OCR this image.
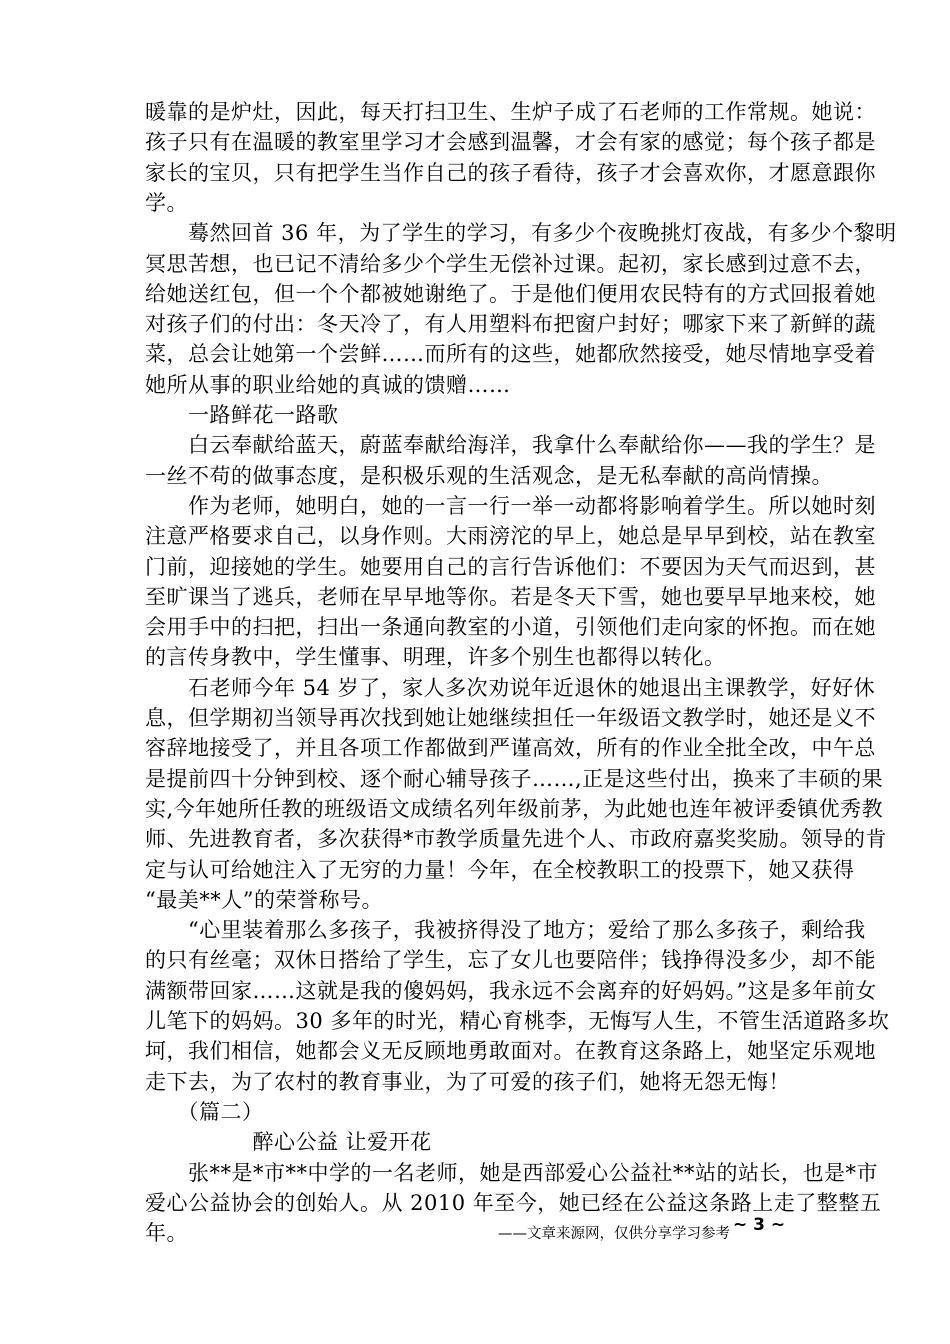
暖靠的是炉灶，因此，每天打扫卫生、生炉子成了石老师的工作常规。她说：
孩子只有在温暖的教室里学习才会感到温馨，才会有家的感觉；每个孩子都是
家长的宝贝，只有把学生当作自己的孩子看待，孩子才会喜欢你，才愿意跟你
学。
　　蓦然回首 36 年，为了学生的学习，有多少个夜晚挑灯夜战，有多少个黎明
冥思苦想，也已记不清给多少个学生无偿补过课。起初，家长感到过意不去，
给她送红包，但一个个都被她谢绝了。于是他们便用农民特有的方式回报着她
对孩子们的付出：冬天冷了，有人用塑料布把窗户封好；哪家下来了新鲜的蔬
菜，总会让她第一个尝鲜……而所有的这些，她都欣然接受，她尽情地享受着
她所从事的职业给她的真诚的馈赠……
　　一路鲜花一路歌
　　白云奉献给蓝天，蔚蓝奉献给海洋，我拿什么奉献给你——我的学生？是
一丝不苟的做事态度，是积极乐观的生活观念，是无私奉献的高尚情操。
　　作为老师，她明白，她的一言一行一举一动都将影响着学生。所以她时刻
注意严格要求自己，以身作则。大雨滂沱的早上，她总是早早到校，站在教室
门前，迎接她的学生。她要用自己的言行告诉他们：不要因为天气而迟到，甚
至旷课当了逃兵，老师在早早地等你。若是冬天下雪，她也要早早地来校，她
会用手中的扫把，扫出一条通向教室的小道，引领他们走向家的怀抱。而在她
的言传身教中，学生懂事、明理，许多个别生也都得以转化。
　　石老师今年 54 岁了，家人多次劝说年近退休的她退出主课教学，好好休
息，但学期初当领导再次找到她让她继续担任一年级语文教学时，她还是义不
容辞地接受了，并且各项工作都做到严谨高效，所有的作业全批全改，中午总
是提前四十分钟到校、逐个耐心辅导孩子……,正是这些付出，换来了丰硕的果
实,今年她所任教的班级语文成绩名列年级前茅，为此她也连年被评委镇优秀教
师、先进教育者，多次获得*市教学质量先进个人、市政府嘉奖奖励。领导的肯
定与认可给她注入了无穷的力量！今年，在全校教职工的投票下，她又获得
“最美**人”的荣誉称号。
　　“心里装着那么多孩子，我被挤得没了地方；爱给了那么多孩子，剩给我
的只有丝毫；双休日搭给了学生，忘了女儿也要陪伴；钱挣得没多少，却不能
满额带回家……这就是我的傻妈妈，我永远不会离弃的好妈妈。”这是多年前女
儿笔下的妈妈。30 多年的时光，精心育桃李，无悔写人生，不管生活道路多坎
坷，我们相信，她都会义无反顾地勇敢面对。在教育这条路上，她坚定乐观地
走下去，为了农村的教育事业，为了可爱的孩子们，她将无怨无悔！
　　（篇二）
　　　　　醉心公益 让爱开花
　　张**是*市**中学的一名老师，她是西部爱心公益社**站的站长，也是*市
爱心公益协会的创始人。从 2010 年至今，她已经在公益这条路上走了整整五
年。	——文章来源网，仅供分享学习参考 ~ 3 ~
